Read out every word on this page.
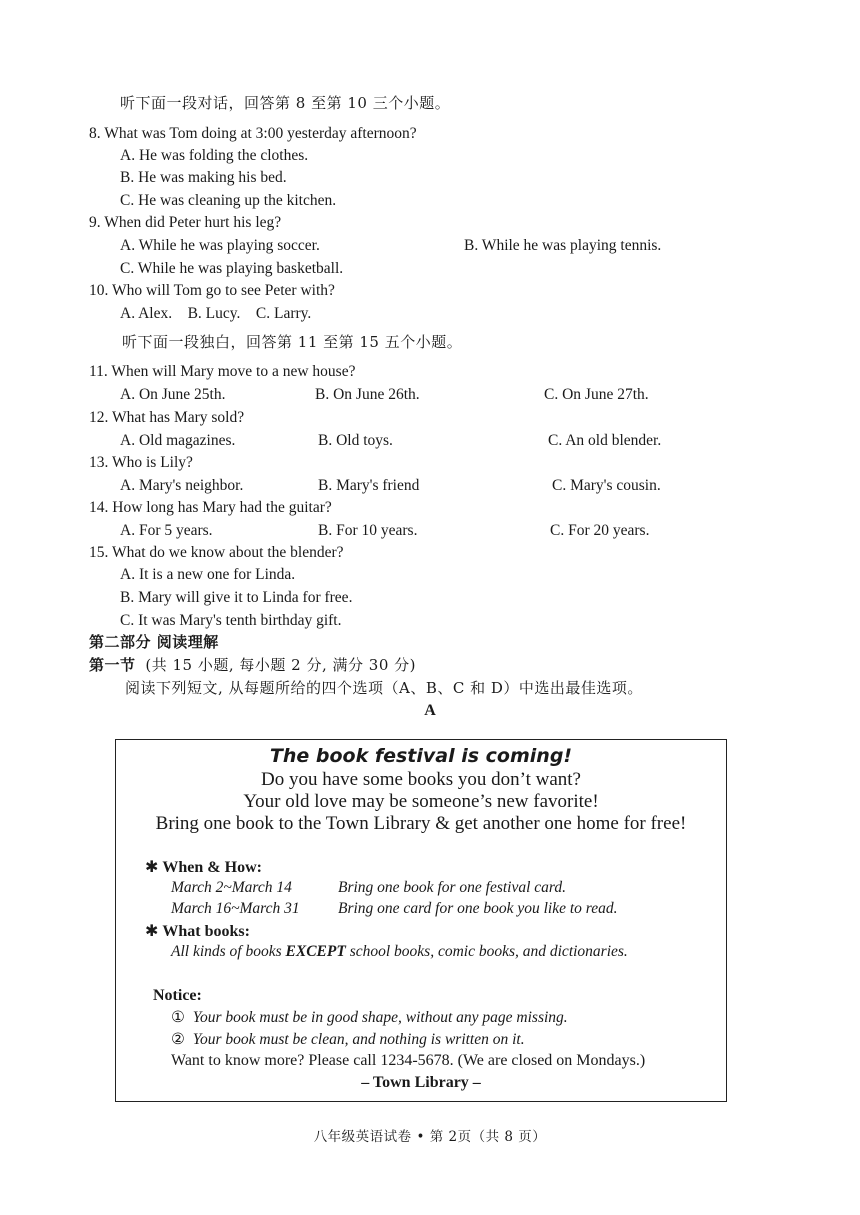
听下面一段对话，回答第 8 至第 10 三个小题。
8. What was Tom doing at 3:00 yesterday afternoon?
A. He was folding the clothes.
B. He was making his bed.
C. He was cleaning up the kitchen.
9. When did Peter hurt his leg?
A. While he was playing soccer.	B. While he was playing tennis.
C. While he was playing basketball.
10. Who will Tom go to see Peter with?
A. Alex.    B. Lucy.    C. Larry.
听下面一段独白，回答第 11 至第 15 五个小题。
11. When will Mary move to a new house?
A. On June 25th.	B. On June 26th.	C. On June 27th.
12. What has Mary sold?
A. Old magazines.	B. Old toys.	C. An old blender.
13. Who is Lily?
A. Mary's neighbor.	B. Mary's friend	C. Mary's cousin.
14. How long has Mary had the guitar?
A. For 5 years.	B. For 10 years.	C. For 20 years.
15. What do we know about the blender?
A. It is a new one for Linda.
B. Mary will give it to Linda for free.
C. It was Mary's tenth birthday gift.
第二部分 阅读理解
第一节 (共 15 小题, 每小题 2 分, 满分 30 分)
阅读下列短文, 从每题所给的四个选项（A、B、C 和 D）中选出最佳选项。
A
The book festival is coming!
Do you have some books you don’t want?
Your old love may be someone’s new favorite!
Bring one book to the Town Library & get another one home for free!
✱ When & How:
March 2~March 14	Bring one book for one festival card.
March 16~March 31 Bring one card for one book you like to read.
✱ What books:
All kinds of books EXCEPT school books, comic books, and dictionaries.
Notice:
① Your book must be in good shape, without any page missing.
② Your book must be clean, and nothing is written on it.
Want to know more? Please call 1234-5678. (We are closed on Mondays.)
– Town Library –
八年级英语试卷 • 第 2页（共 8 页）
